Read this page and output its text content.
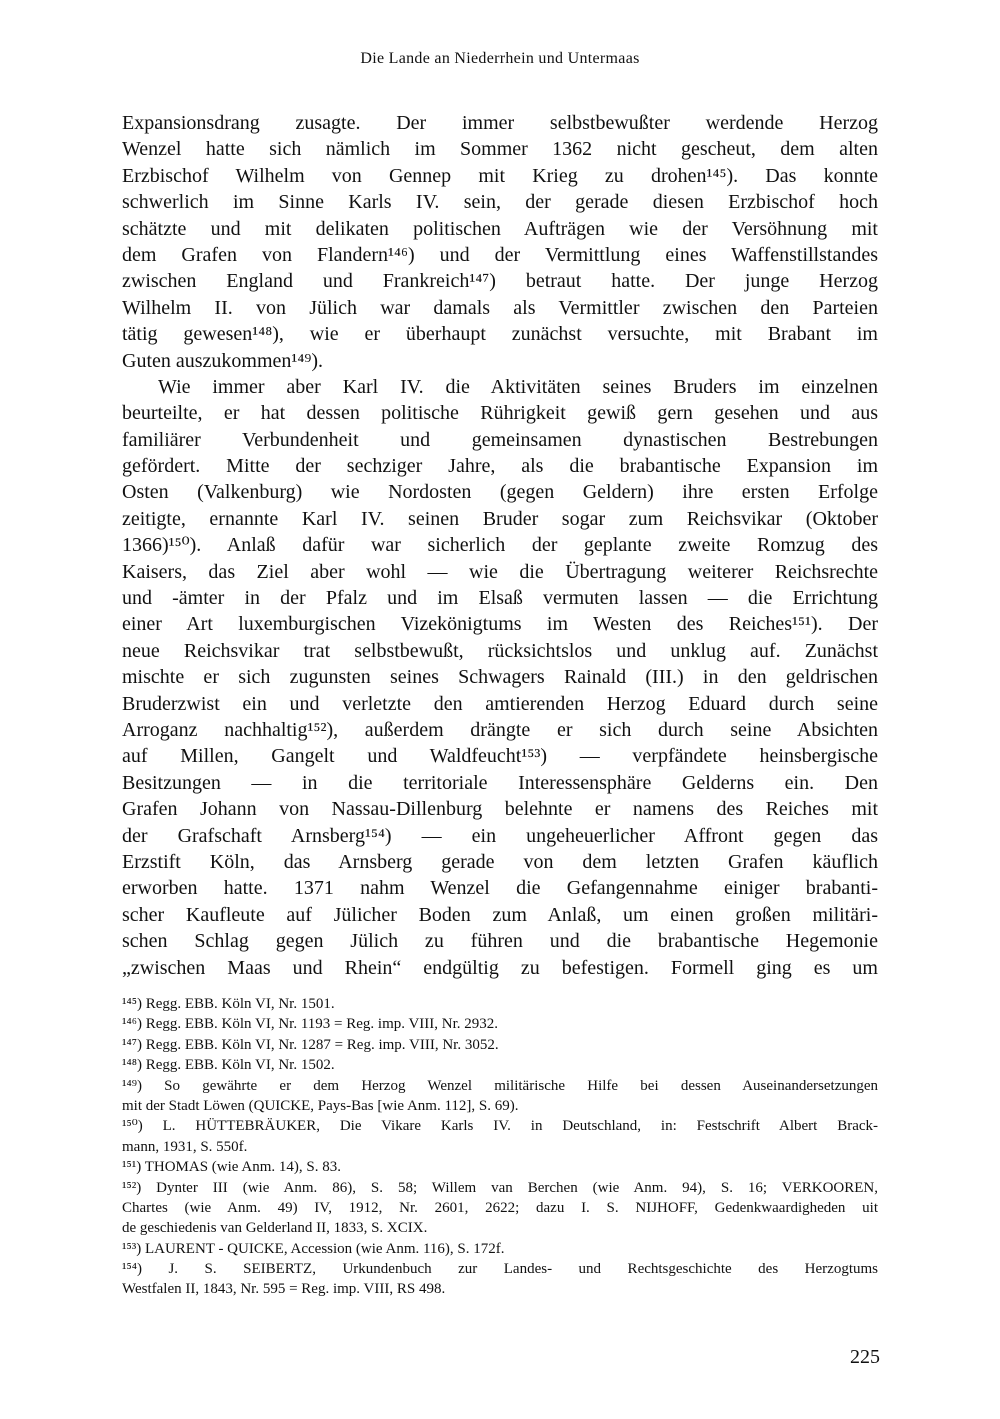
Die Lande an Niederrhein und Untermaas
Expansionsdrang zusagte. Der immer selbstbewußter werdende Herzog
Wenzel hatte sich nämlich im Sommer 1362 nicht gescheut, dem alten
Erzbischof Wilhelm von Gennep mit Krieg zu drohen¹⁴⁵). Das konnte
schwerlich im Sinne Karls IV. sein, der gerade diesen Erzbischof hoch
schätzte und mit delikaten politischen Aufträgen wie der Versöhnung mit
dem Grafen von Flandern¹⁴⁶) und der Vermittlung eines Waffenstillstandes
zwischen England und Frankreich¹⁴⁷) betraut hatte. Der junge Herzog
Wilhelm II. von Jülich war damals als Vermittler zwischen den Parteien
tätig gewesen¹⁴⁸), wie er überhaupt zunächst versuchte, mit Brabant im
Guten auszukommen¹⁴⁹).
Wie immer aber Karl IV. die Aktivitäten seines Bruders im einzelnen
beurteilte, er hat dessen politische Rührigkeit gewiß gern gesehen und aus
familiärer Verbundenheit und gemeinsamen dynastischen Bestrebungen
gefördert. Mitte der sechziger Jahre, als die brabantische Expansion im
Osten (Valkenburg) wie Nordosten (gegen Geldern) ihre ersten Erfolge
zeitigte, ernannte Karl IV. seinen Bruder sogar zum Reichsvikar (Oktober
1366)¹⁵⁰). Anlaß dafür war sicherlich der geplante zweite Romzug des
Kaisers, das Ziel aber wohl — wie die Übertragung weiterer Reichsrechte
und -ämter in der Pfalz und im Elsaß vermuten lassen — die Errichtung
einer Art luxemburgischen Vizekönigtums im Westen des Reiches¹⁵¹). Der
neue Reichsvikar trat selbstbewußt, rücksichtslos und unklug auf. Zunächst
mischte er sich zugunsten seines Schwagers Rainald (III.) in den geldrischen
Bruderzwist ein und verletzte den amtierenden Herzog Eduard durch seine
Arroganz nachhaltig¹⁵²), außerdem drängte er sich durch seine Absichten
auf Millen, Gangelt und Waldfeucht¹⁵³) — verpfändete heinsbergische
Besitzungen — in die territoriale Interessensphäre Gelderns ein. Den
Grafen Johann von Nassau-Dillenburg belehnte er namens des Reiches mit
der Grafschaft Arnsberg¹⁵⁴) — ein ungeheuerlicher Affront gegen das
Erzstift Köln, das Arnsberg gerade von dem letzten Grafen käuflich
erworben hatte. 1371 nahm Wenzel die Gefangennahme einiger brabanti-
scher Kaufleute auf Jülicher Boden zum Anlaß, um einen großen militäri-
schen Schlag gegen Jülich zu führen und die brabantische Hegemonie
„zwischen Maas und Rhein“ endgültig zu befestigen. Formell ging es um
¹⁴⁵) Regg. EBB. Köln VI, Nr. 1501.
¹⁴⁶) Regg. EBB. Köln VI, Nr. 1193 = Reg. imp. VIII, Nr. 2932.
¹⁴⁷) Regg. EBB. Köln VI, Nr. 1287 = Reg. imp. VIII, Nr. 3052.
¹⁴⁸) Regg. EBB. Köln VI, Nr. 1502.
¹⁴⁹) So gewährte er dem Herzog Wenzel militärische Hilfe bei dessen Auseinandersetzungen
mit der Stadt Löwen (QUICKE, Pays-Bas [wie Anm. 112], S. 69).
¹⁵⁰) L. HÜTTEBRÄUKER, Die Vikare Karls IV. in Deutschland, in: Festschrift Albert Brack-
mann, 1931, S. 550f.
¹⁵¹) THOMAS (wie Anm. 14), S. 83.
¹⁵²) Dynter III (wie Anm. 86), S. 58; Willem van Berchen (wie Anm. 94), S. 16; VERKOOREN,
Chartes (wie Anm. 49) IV, 1912, Nr. 2601, 2622; dazu I. S. NIJHOFF, Gedenkwaardigheden uit
de geschiedenis van Gelderland II, 1833, S. XCIX.
¹⁵³) LAURENT - QUICKE, Accession (wie Anm. 116), S. 172f.
¹⁵⁴) J. S. SEIBERTZ, Urkundenbuch zur Landes- und Rechtsgeschichte des Herzogtums
Westfalen II, 1843, Nr. 595 = Reg. imp. VIII, RS 498.
225
